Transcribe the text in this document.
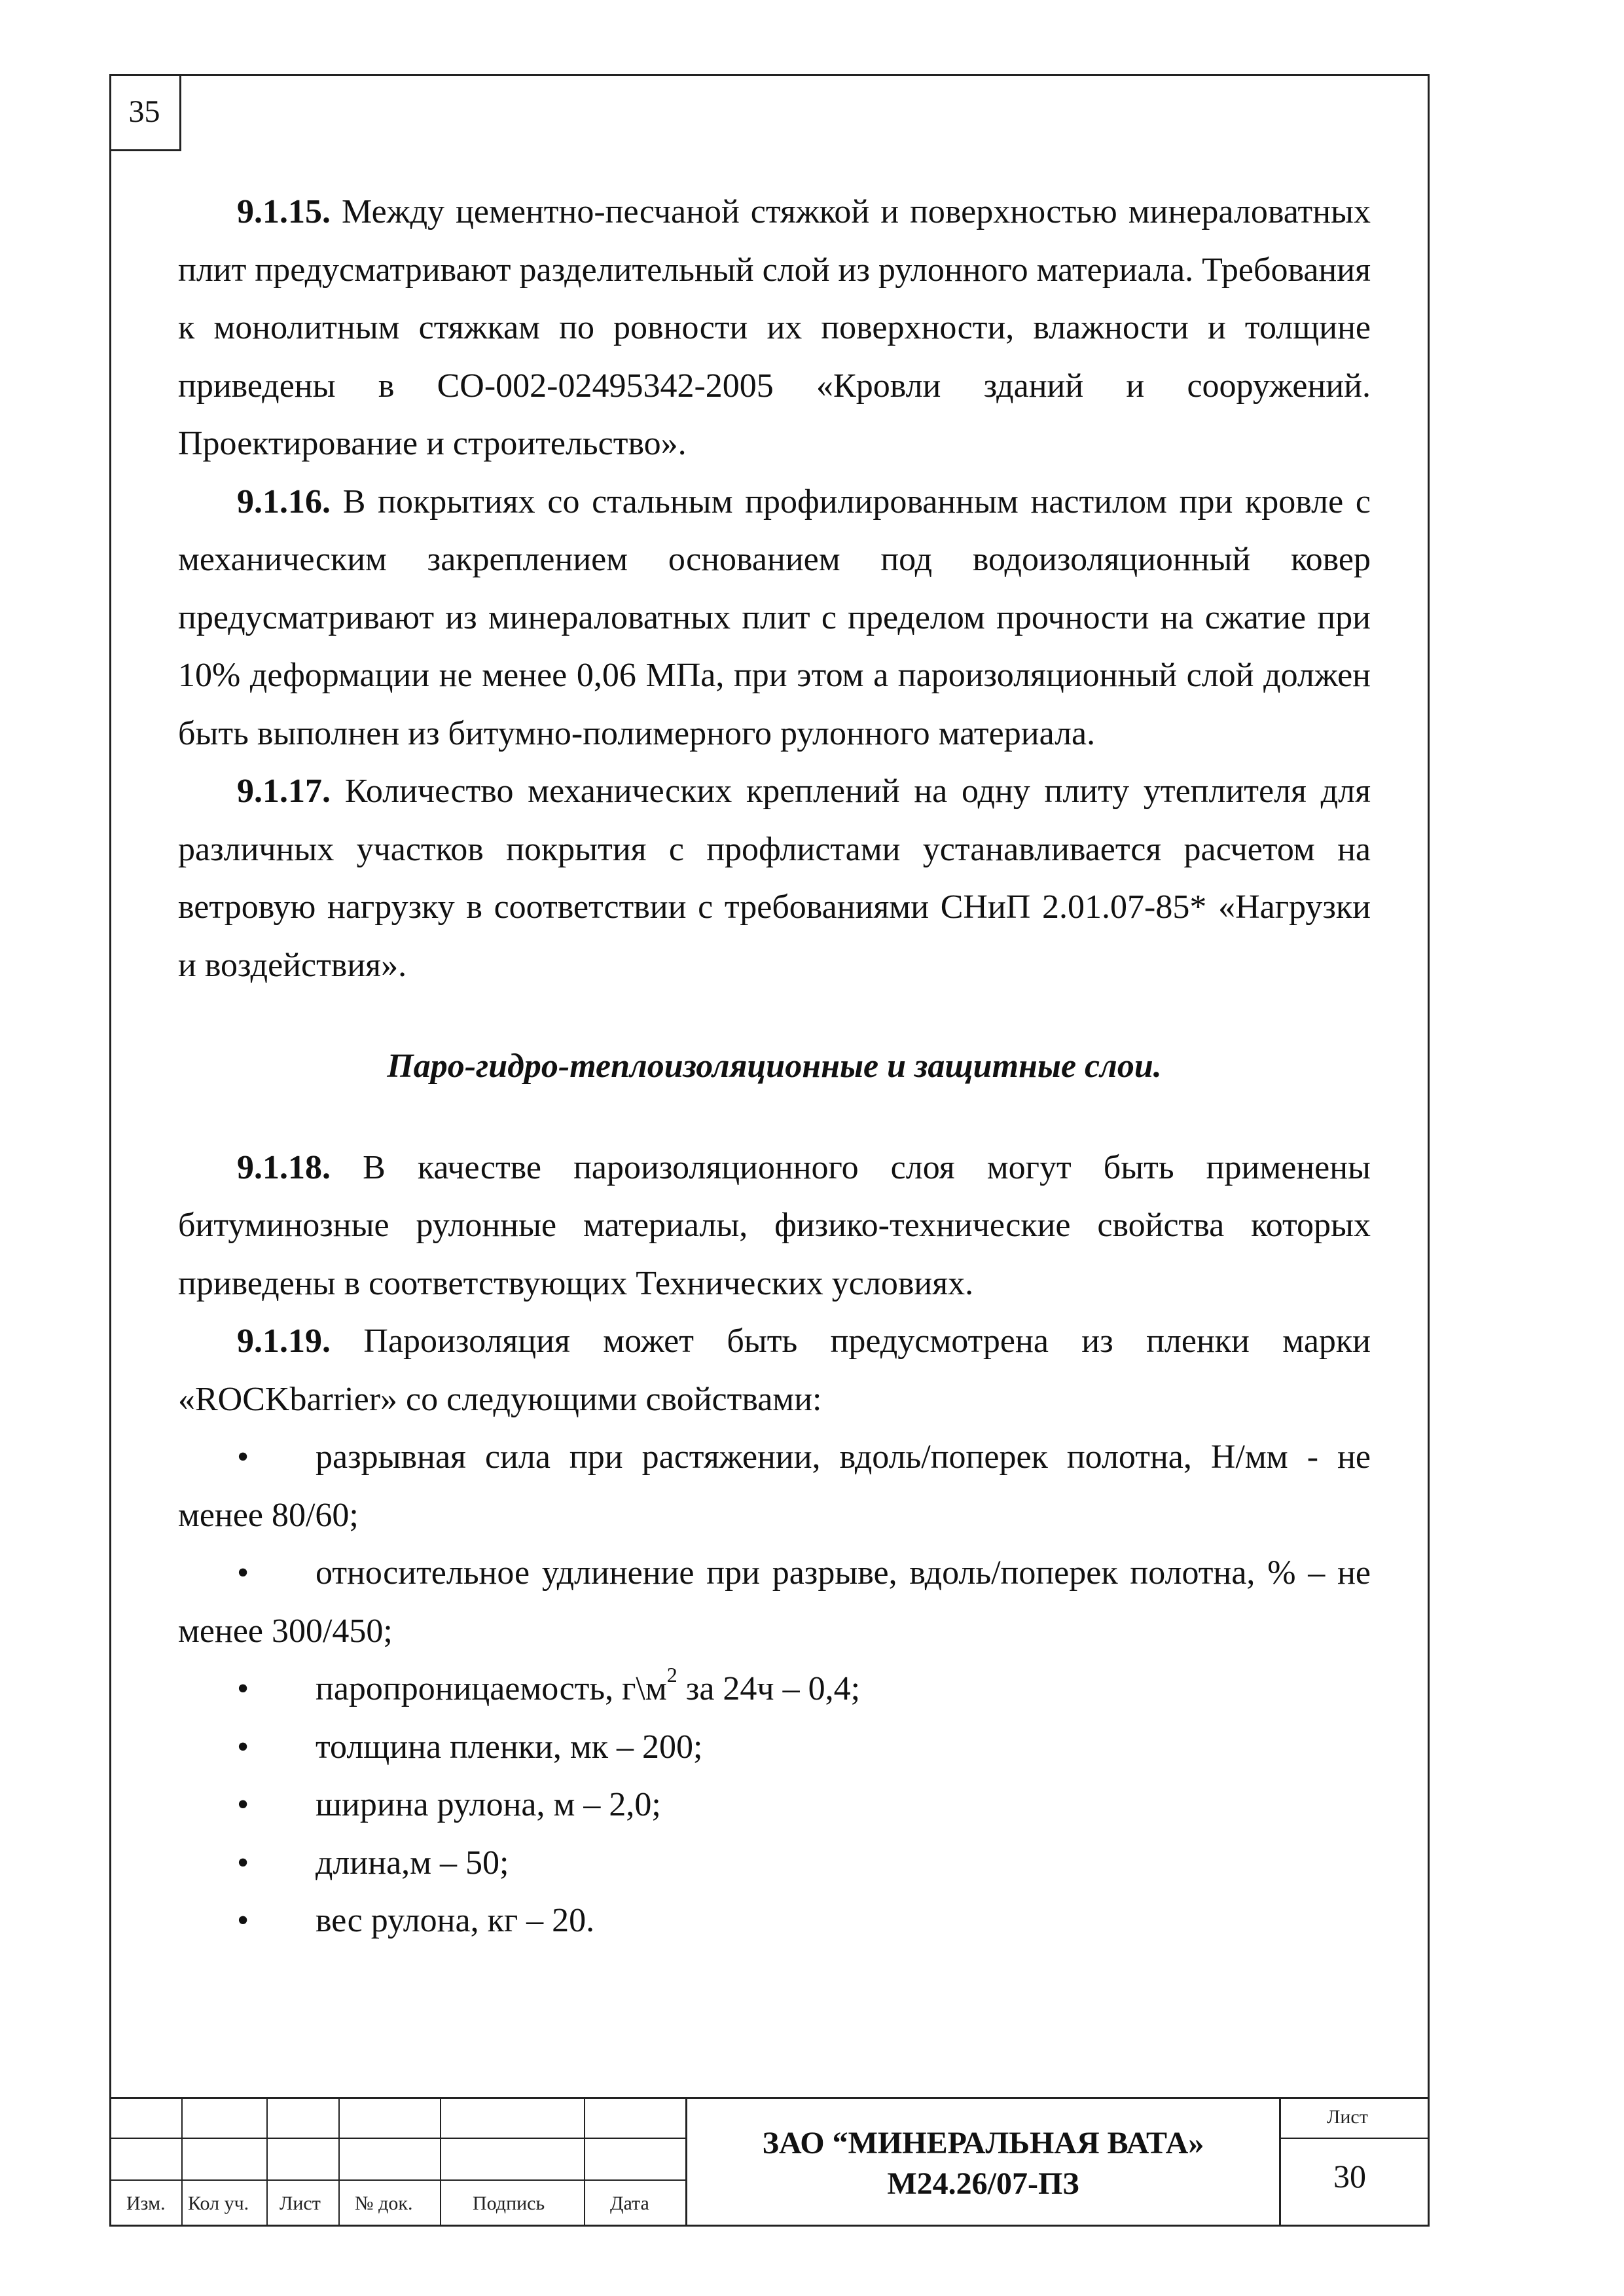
35

9.1.15. Между цементно-песчаной стяжкой и поверхностью минераловатных плит предусматривают разделительный слой из рулонного материала. Требования к монолитным стяжкам по ровности их поверхности, влажности и толщине приведены в СО-002-02495342-2005 «Кровли зданий и сооружений. Проектирование и строительство».

9.1.16. В покрытиях со стальным профилированным настилом при кровле с механическим закреплением основанием под водоизоляционный ковер предусматривают из минераловатных плит с пределом прочности на сжатие при 10% деформации не менее 0,06 МПа, при этом а пароизоляционный слой должен быть выполнен из битумно-полимерного рулонного материала.

9.1.17. Количество механических креплений на одну плиту утеплителя для различных участков покрытия с профлистами устанавливается расчетом на ветровую нагрузку в соответствии с требованиями СНиП 2.01.07-85* «Нагрузки и воздействия».

Паро-гидро-теплоизоляционные и защитные слои.

9.1.18. В качестве пароизоляционного слоя могут быть применены битуминозные рулонные материалы, физико-технические свойства которых приведены в соответствующих Технических условиях.

9.1.19. Пароизоляция может быть предусмотрена из пленки марки «ROCKbarrier» со следующими свойствами:

• разрывная сила при растяжении, вдоль/поперек полотна, Н/мм - не менее 80/60;

• относительное удлинение при разрыве, вдоль/поперек полотна, % – не менее 300/450;

• паропроницаемость, $г\backslash м^2$ за 24ч – 0,4;

• толщина пленки, мк – 200;

• ширина рулона, м – 2,0;

• длина,м – 50;

• вес рулона, кг – 20.

Изм. Кол уч. Лист № док.	Подпись	Дата
ЗАО “МИНЕРАЛЬНАЯ ВАТА»
М24.26/07-ПЗ
Лист
30
